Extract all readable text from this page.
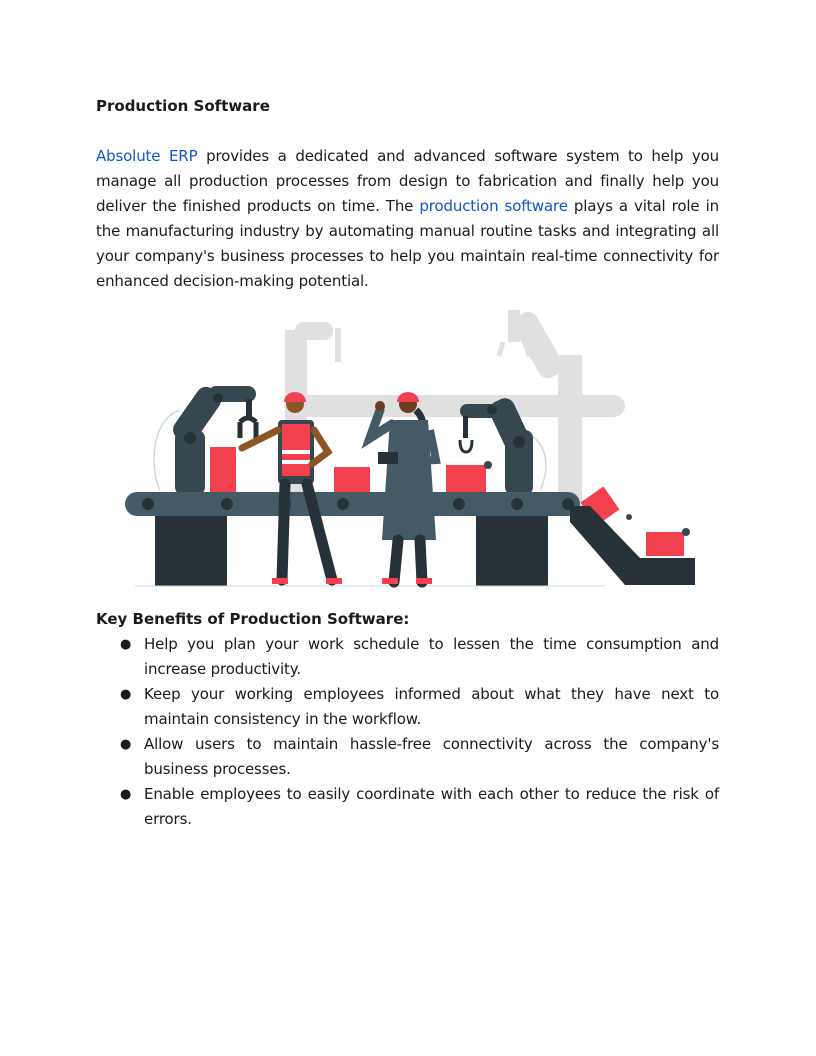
Production Software

Absolute ERP provides a dedicated and advanced software system to help you manage all production processes from design to fabrication and finally help you deliver the finished products on time. The production software plays a vital role in the manufacturing industry by automating manual routine tasks and integrating all your company's business processes to help you maintain real-time connectivity for enhanced decision-making potential.

Key Benefits of Production Software:
● Help you plan your work schedule to lessen the time consumption and increase productivity.
● Keep your working employees informed about what they have next to maintain consistency in the workflow.
● Allow users to maintain hassle-free connectivity across the company's business processes.
● Enable employees to easily coordinate with each other to reduce the risk of errors.
